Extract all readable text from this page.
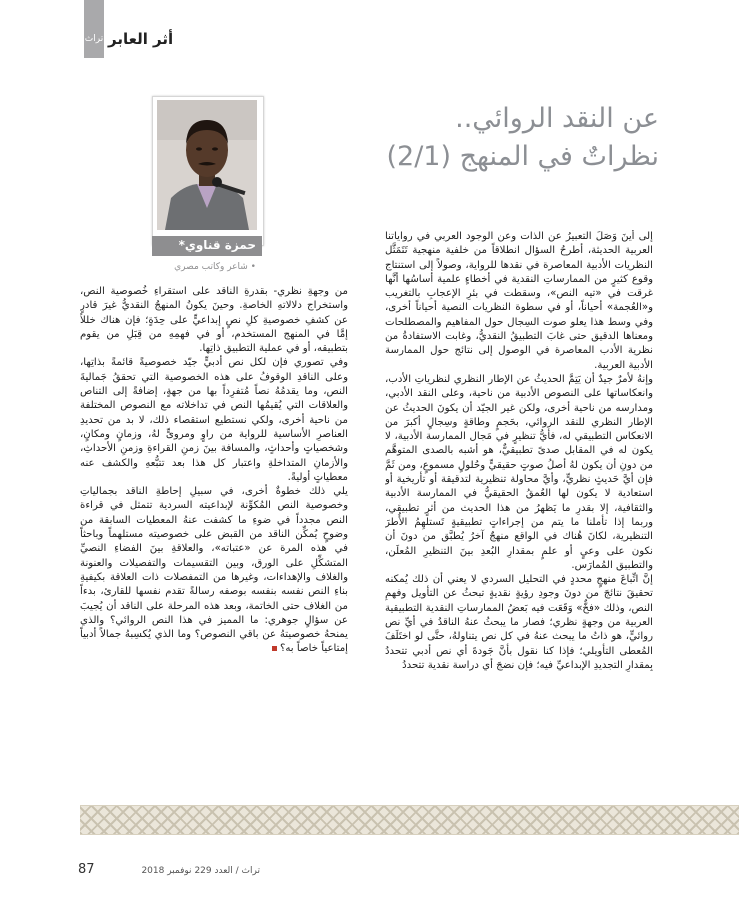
تراث أثر العابر
عن النقد الروائي..
نظراتٌ في المنهج (2/1)
حمزة قناوي*
• شاعر وكاتب مصري

إلى أينَ وَصَلَ التعبيرُ عن الذات وعن الوجود العربي في رواياتنا العربية الحديثة، أطرحُ السؤال انطلاقاً من خلفية منهجية تَتَمَثَّل النظريات الأدبية المعاصرة في نقدها للرواية، وصولاً إلى استنتاج وقوع كثيرٍ من الممارساتِ النقدية في أخطاءٍ علمية أساسُها أنَّها غرقت في «تيه النص»، وسقطت في بئرِ الإعجابِ بالتغريب و«العُجمة» أحياناً، أو في سطوة النظريات النصية أحياناً أخرى، وفي وسط هذا يعلو صوت السِجال حول المفاهيم والمصطلحات ومعناها الدقيق حتى غابَ التطبيقُ النقديُّ، وغابت الاستفادةُ من نظرية الأدب المعاصرة في الوصول إلى نتائج حول الممارسة الأدبية العربية.

وإنهُ لأمرٌ جيدٌ أن يَتِمَّ الحديثُ عن الإطار النظري لنظرياتِ الأدب، وانعكاساتها على النصوص الأدبية من ناحية، وعلى النقد الأدبي، ومدارسه من ناحية أخرى، ولكن غير الجيّد أن يكونَ الحديثُ عن الإطار النظري للنقد الروائي، بحَجمٍ وطاقةٍ وسِجالٍ أكبرَ من الانعكاس التطبيقي له، فأيُّ تنظيرٍ في مَجال الممارسة الأدبية، لا يكون له في المقابل صدىً تطبيقيٌّ، هو أشبه بالصدى المتوهَّم من دونِ أن يكون لهُ أصلُ صوتٍ حقيقيٍّ وحُلولٍ مسموعٍ، ومن ثَمَّ فإن أيَّ حَديثٍ نظريٍّ، وأيَّ محاولة تنظيرية لتدقيقة أو تأريخية أو استعادية لا يكون لها العُمقُ الحقيقيُّ في الممارسة الأدبية والثقافية، إلا بقدرِ ما يَظهرُ من هذا الحديث من أثرٍ تطبيقي، وربما إذا تأملنا ما يتم من إجراءاتٍ تطبيقيةٍ تَستلهِمُ الأُطرَ التنظيرية، لكانَ هُناك في الواقع منهجٌ آخرُ يُطبَّق من دونَ أن نكون على وعيٍ أو علمٍ بمقدارِ البُعدِ بينَ التنظيرِ المُعلَن، والتطبيق المُمارَس.

إنَّ اتِّباعَ منهجٍ محددٍ في التحليل السردي لا يعني أن ذلك يُمكنه تحقيقَ نتائجَ من دونَ وجودِ رؤيةٍ نقديةٍ تبحثُ عن التأويل وفهمِ النص، وذلك «فخٌّ» وَقَعَت فيه بَعضُ الممارساتِ النقدية التطبيقية العربية من وجهةٍ نظري؛ فصار ما يبحثُ عنهُ الناقدُ في أيِّ نص روائيٍّ، هو ذاتُ ما يبحث عنهُ في كل نص يتناولهُ، حتَّى لو اختَلَفَ المُعطى التأويلي؛ فإذا كنا نقول بأنَّ جَودةَ أي نص أدبي تتحددُ بِمقدارِ التجديدِ الإبداعيِّ فيه؛ فإن نضجَ أي دراسة نقدية تتحددُ

من وجهةِ نظري- بقدرةِ الناقد على استقراءِ خُصوصية النص، واستخراج دلالاتهِ الخاصةِ. وحينَ يكونُ المنهجُ النقديُّ غيرَ قادرٍ عن كشفِ خصوصيةِ كلِ نصٍ إبداعيٍّ على حِدَةٍ؛ فإن هناك خللاً إمَّا في المنهج المستخدم، أو في فهمِهِ من قِبَلِ من يقوم بتطبيقه، أو في عملية التطبيق ذاتِها.

وفي تصوري فإن لكل نص أدبيٍّ جيّد خصوصيةً قائمةً بذاتِها، وعلى الناقدِ الوقوفُ على هذه الخصوصية التي تحققُ جَماليةَ النص، وما يقدمُهُ نصاً مُتفرِداً بها من جهةٍ، إضافةً إلى التناص والعلاقات التي يُقيمُها النص في تداخلاته مع النصوص المختلفة من ناحية أخرى، ولكي نستطيع استقصاء ذلك، لا بد من تحديدِ العناصرِ الأساسية للرواية من راوٍ ومروىٍّ لهُ، وزمانٍ ومكانٍ، وشخصياتٍ وأحداثٍ، والمسافة بينَ زمنِ القراءةِ وزمنِ الأحداثِ، والأزمانِ المتداخلةِ واعتبار كل هذا بعد تتبُّعهِ والكشف عنه معطياتٍ أوليةً.

يلي ذلك خطوةٌ أخرى، في سبيلِ إحاطةِ الناقد بجمالياتِ وخصوصية النص المُكوِّنة لإبداعيته السردية تتمثل في قراءة النص مجدداً في ضوءِ ما كشفت عنهُ المعطيات السابقة من وضوحٍ يُمكِّن الناقد من القبض على خصوصيته مستلهماً وباحثاً في هذه المرة عن «عتباته»، والعلاقةِ بينَ الفضاءِ النصيِّ المتشكِّلِ على الورق، وبين التقسيمات والتفصيلات والعنونة والغلاف والإهداءات، وغيرها من التمفصلات ذات العلاقة بكيفيةِ بناءِ النص نفسه بنفسه بوصفه رسالةً تقدم نفسها للقارئ، بدءاً من الغلاف حتى الخاتمة، وبعد هذه المرحلة على الناقد أن يُجيبَ عن سؤالٍ جوهري: ما المميز في هذا النص الروائي؟ والذي يمنحهُ خصوصيتهُ عن باقي النصوص؟ وما الذي يُكسِبهُ جمالاً أدبياً إمتاعياً خاصاً به؟

تراث / العدد 229 نوفمبر 2018
87
